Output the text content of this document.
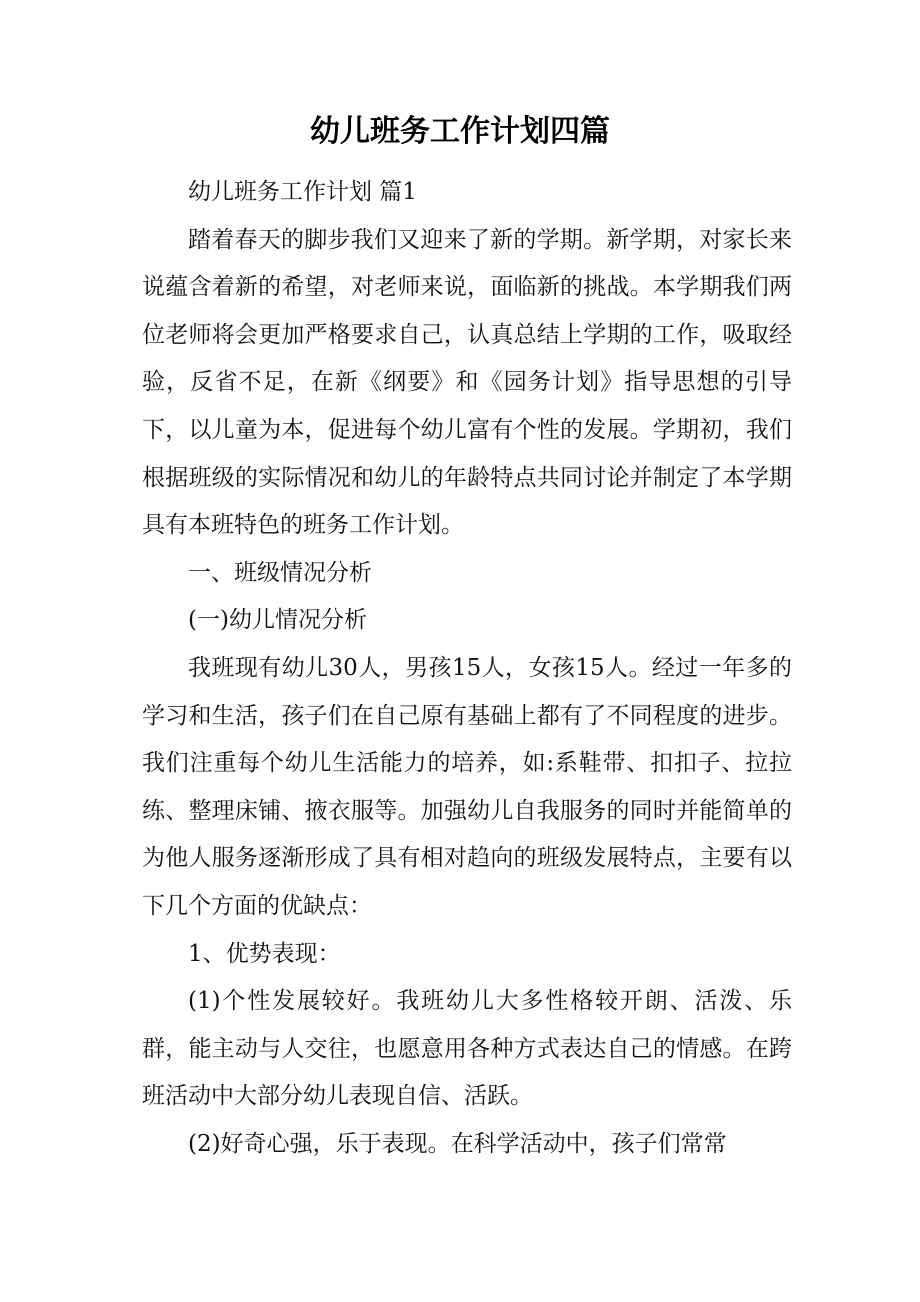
幼儿班务工作计划四篇

幼儿班务工作计划 篇1

踏着春天的脚步我们又迎来了新的学期。新学期，对家长来说蕴含着新的希望，对老师来说，面临新的挑战。本学期我们两位老师将会更加严格要求自己，认真总结上学期的工作，吸取经验，反省不足，在新《纲要》和《园务计划》指导思想的引导下，以儿童为本，促进每个幼儿富有个性的发展。学期初，我们根据班级的实际情况和幼儿的年龄特点共同讨论并制定了本学期具有本班特色的班务工作计划。

一、班级情况分析

(一)幼儿情况分析

我班现有幼儿30人，男孩15人，女孩15人。经过一年多的学习和生活，孩子们在自己原有基础上都有了不同程度的进步。我们注重每个幼儿生活能力的培养，如:系鞋带、扣扣子、拉拉练、整理床铺、掖衣服等。加强幼儿自我服务的同时并能简单的为他人服务逐渐形成了具有相对趋向的班级发展特点，主要有以下几个方面的优缺点：

1、优势表现：

(1)个性发展较好。我班幼儿大多性格较开朗、活泼、乐群，能主动与人交往，也愿意用各种方式表达自己的情感。在跨班活动中大部分幼儿表现自信、活跃。

(2)好奇心强，乐于表现。在科学活动中，孩子们常常
